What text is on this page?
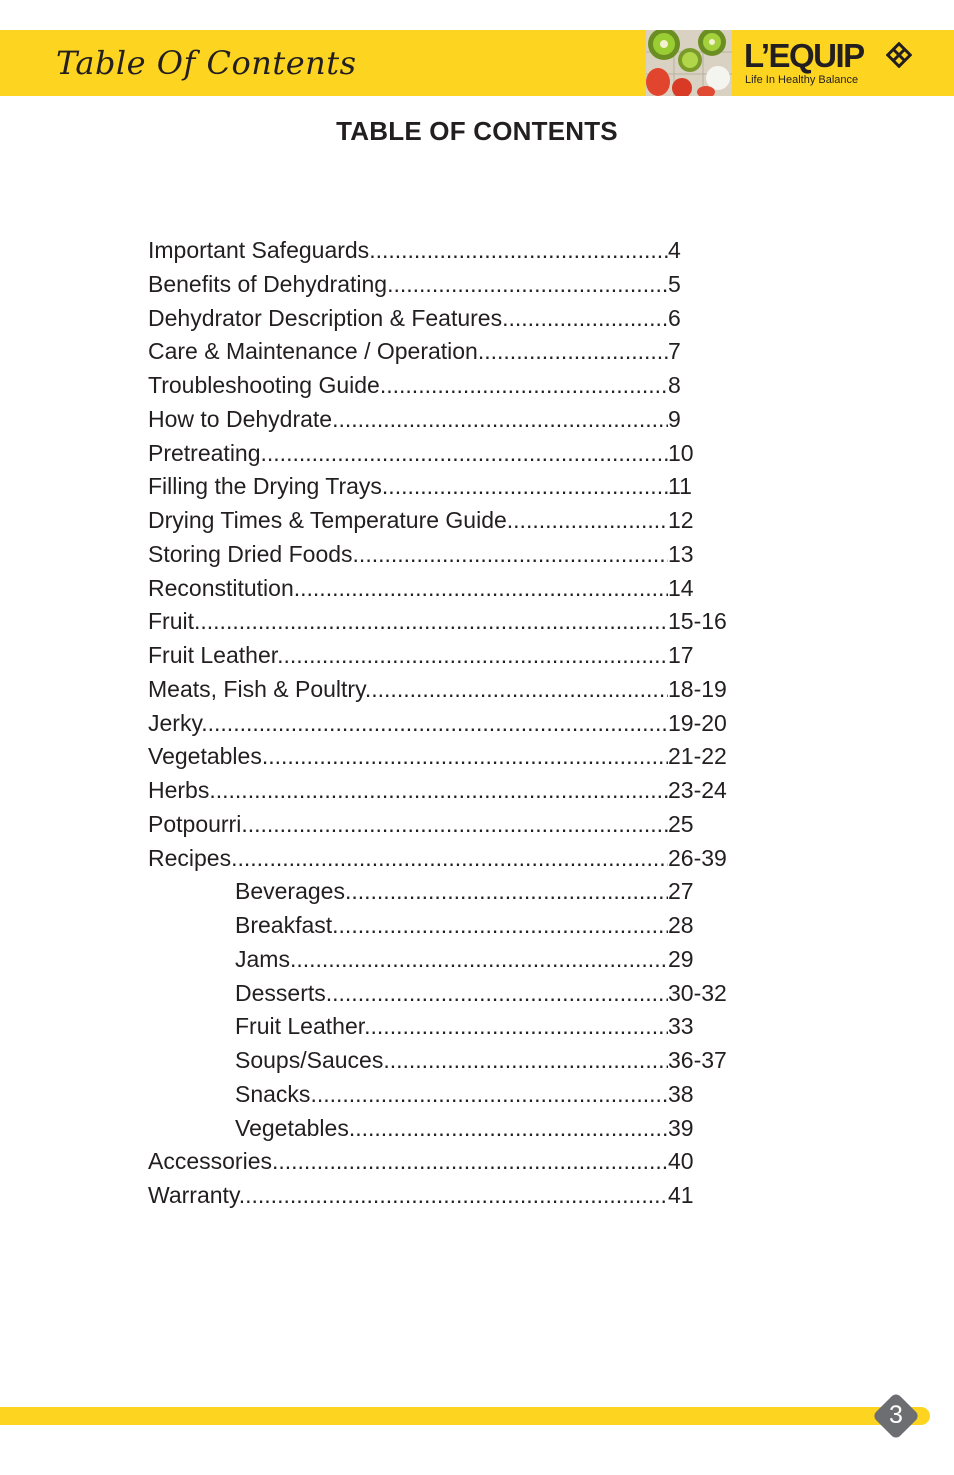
Table Of Contents	L’EQUIP
Life In Healthy Balance
TABLE OF CONTENTS
Important Safeguards .....	4
Benefits of Dehydrating .....	5
Dehydrator Description & Features .....	6
Care & Maintenance / Operation .....	7
Troubleshooting Guide .....	8
How to Dehydrate .....	9
Pretreating .....	10
Filling the Drying Trays .....	11
Drying Times & Temperature Guide .....	12
Storing Dried Foods .....	13
Reconstitution .....	14
Fruit .....	15-16
Fruit Leather .....	17
Meats, Fish & Poultry .....	18-19
Jerky .....	19-20
Vegetables .....	21-22
Herbs .....	23-24
Potpourri .....	25
Recipes .....	26-39
Beverages .....	27
Breakfast .....	28
Jams .....	29
Desserts .....	30-32
Fruit Leather .....	33
Soups/Sauces .....	36-37
Snacks .....	38
Vegetables .....	39
Accessories .....	40
Warranty .....	41
3
